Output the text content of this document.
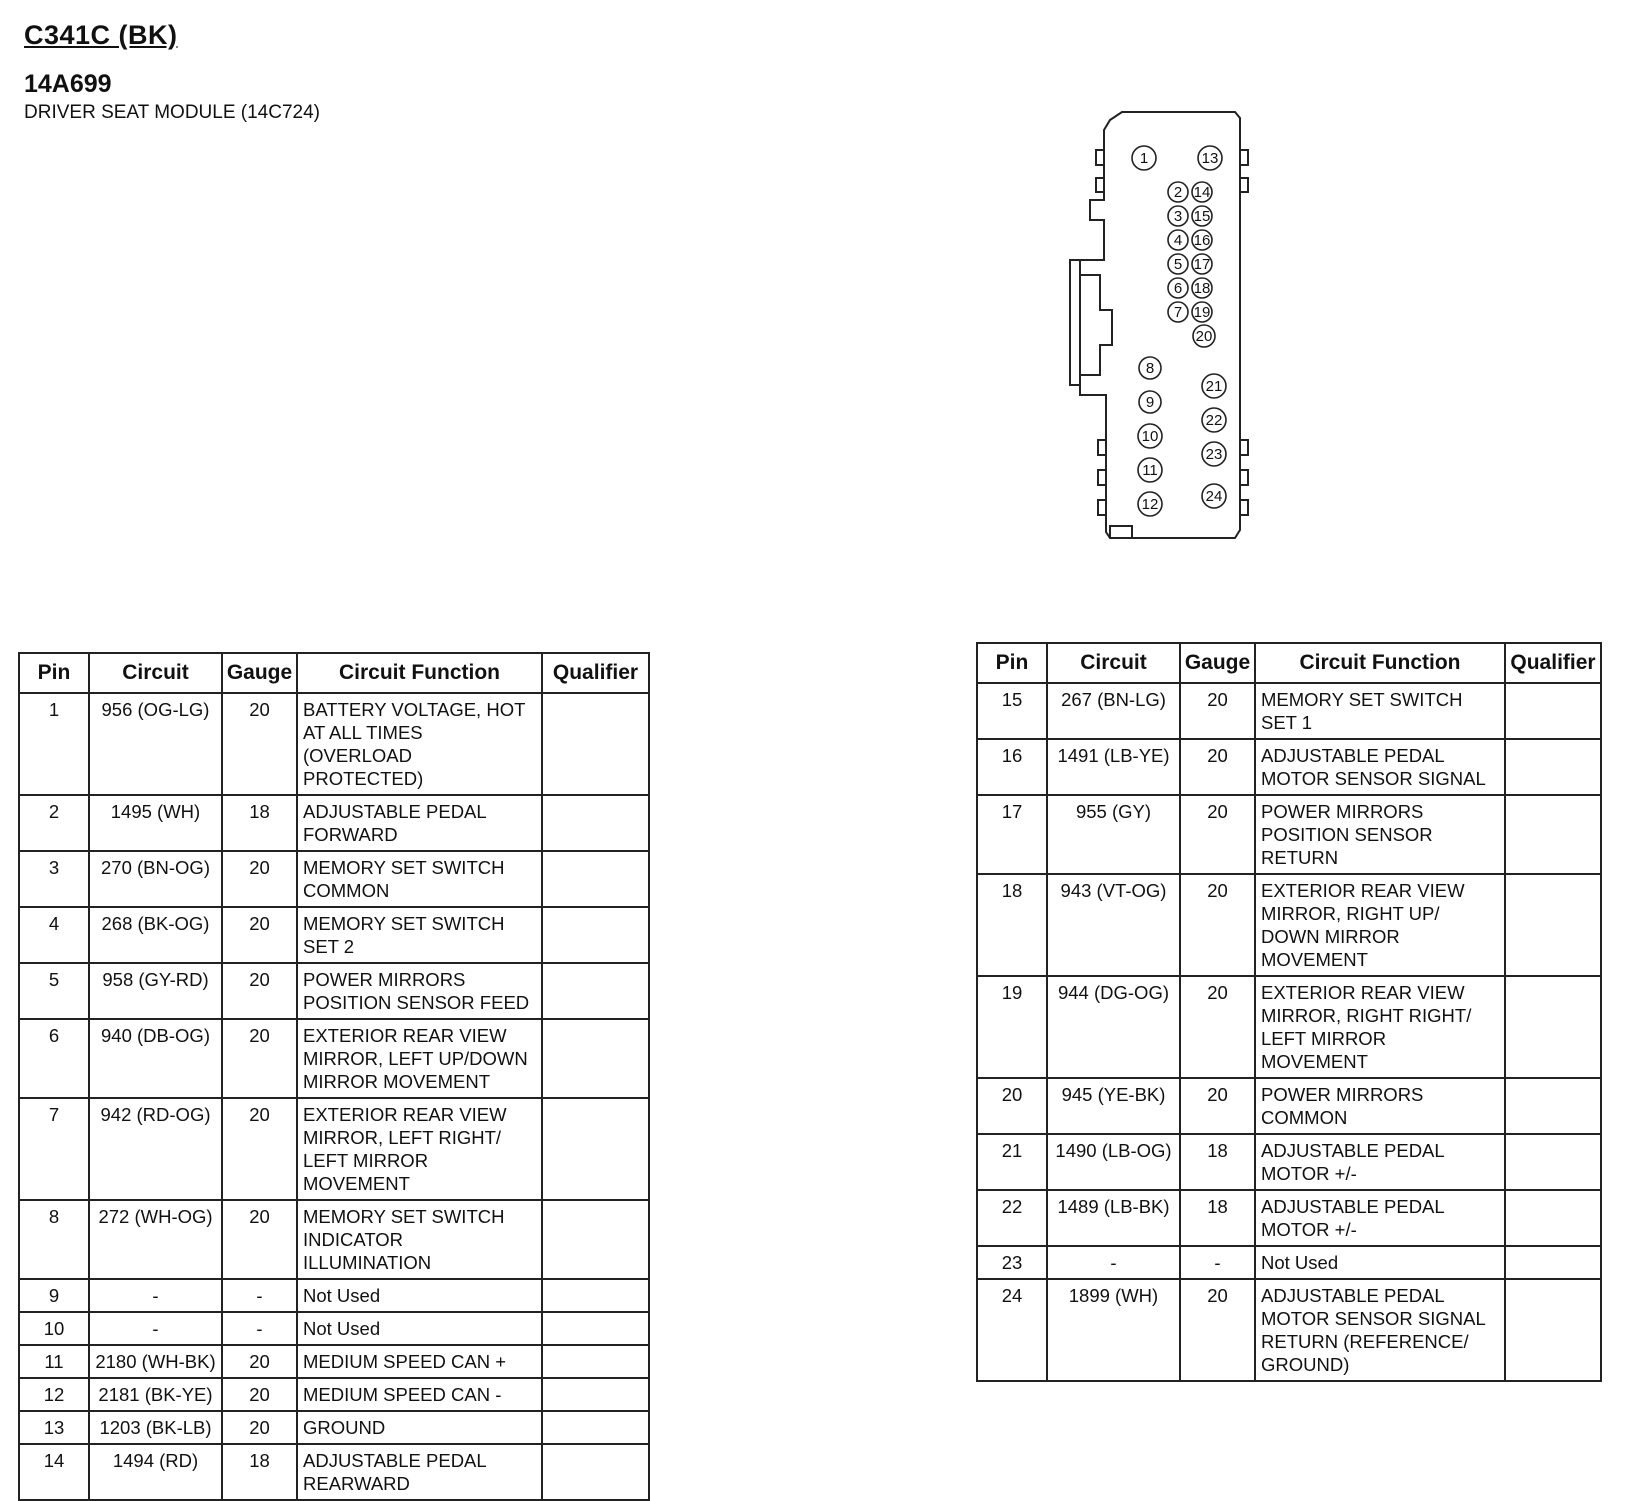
C341C (BK)
14A699
DRIVER SEAT MODULE (14C724)
1	13
2 14
3 15
4 16
5 17
6 18
7 19
20
8
9
10
11
12
21
22
23
24
Pin	Circuit	Gauge	Circuit Function	Qualifier
1	956 (OG-LG)	20	BATTERY VOLTAGE, HOT
AT ALL TIMES
(OVERLOAD
PROTECTED)	
2	1495 (WH)	18	ADJUSTABLE PEDAL
FORWARD	
3	270 (BN-OG)	20	MEMORY SET SWITCH
COMMON	
4	268 (BK-OG)	20	MEMORY SET SWITCH
SET 2	
5	958 (GY-RD)	20	POWER MIRRORS
POSITION SENSOR FEED	
6	940 (DB-OG)	20	EXTERIOR REAR VIEW
MIRROR, LEFT UP/DOWN
MIRROR MOVEMENT	
7	942 (RD-OG)	20	EXTERIOR REAR VIEW
MIRROR, LEFT RIGHT/
LEFT MIRROR
MOVEMENT	
8	272 (WH-OG)	20	MEMORY SET SWITCH
INDICATOR
ILLUMINATION	
9	-	-	Not Used	
10	-	-	Not Used	
11	2180 (WH-BK)	20	MEDIUM SPEED CAN +	
12	2181 (BK-YE)	20	MEDIUM SPEED CAN -	
13	1203 (BK-LB)	20	GROUND	
14	1494 (RD)	18	ADJUSTABLE PEDAL
REARWARD	
Pin	Circuit	Gauge	Circuit Function	Qualifier
15	267 (BN-LG)	20	MEMORY SET SWITCH
SET 1	
16	1491 (LB-YE)	20	ADJUSTABLE PEDAL
MOTOR SENSOR SIGNAL	
17	955 (GY)	20	POWER MIRRORS
POSITION SENSOR
RETURN	
18	943 (VT-OG)	20	EXTERIOR REAR VIEW
MIRROR, RIGHT UP/
DOWN MIRROR
MOVEMENT	
19	944 (DG-OG)	20	EXTERIOR REAR VIEW
MIRROR, RIGHT RIGHT/
LEFT MIRROR
MOVEMENT	
20	945 (YE-BK)	20	POWER MIRRORS
COMMON	
21	1490 (LB-OG)	18	ADJUSTABLE PEDAL
MOTOR +/-	
22	1489 (LB-BK)	18	ADJUSTABLE PEDAL
MOTOR +/-	
23	-	-	Not Used	
24	1899 (WH)	20	ADJUSTABLE PEDAL
MOTOR SENSOR SIGNAL
RETURN (REFERENCE/
GROUND)	
